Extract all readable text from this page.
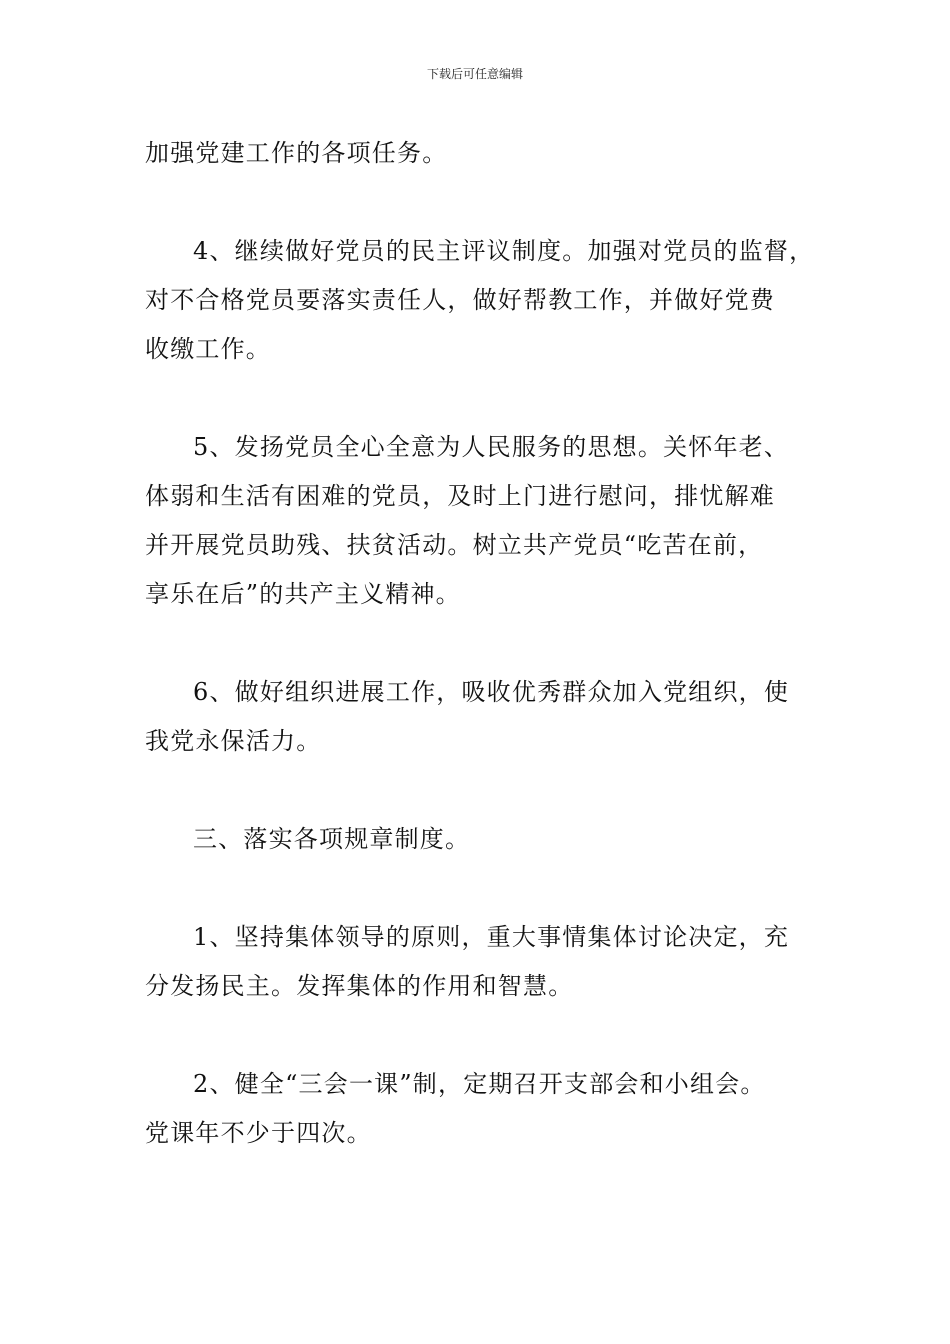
下载后可任意编辑

加强党建工作的各项任务。

4、继续做好党员的民主评议制度。加强对党员的监督，
对不合格党员要落实责任人，做好帮教工作，并做好党费
收缴工作。

5、发扬党员全心全意为人民服务的思想。关怀年老、
体弱和生活有困难的党员，及时上门进行慰问，排忧解难
并开展党员助残、扶贫活动。树立共产党员“吃苦在前，
享乐在后”的共产主义精神。

6、做好组织进展工作，吸收优秀群众加入党组织，使
我党永保活力。

三、落实各项规章制度。

1、坚持集体领导的原则，重大事情集体讨论决定，充
分发扬民主。发挥集体的作用和智慧。

2、健全“三会一课”制，定期召开支部会和小组会。
党课年不少于四次。
